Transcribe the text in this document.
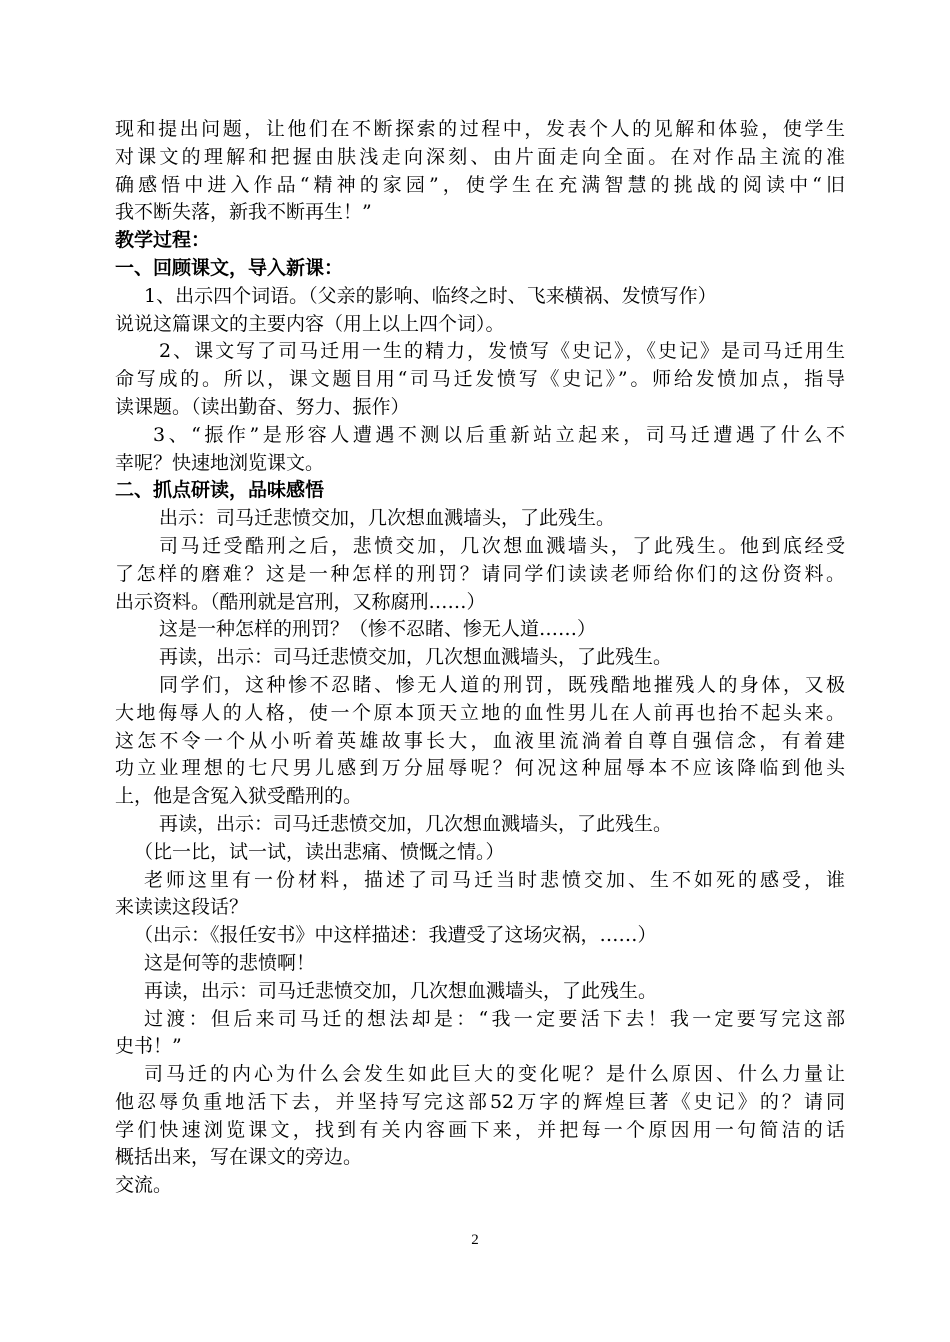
现和提出问题，让他们在不断探索的过程中，发表个人的见解和体验，使学生
对课文的理解和把握由肤浅走向深刻、由片面走向全面。在对作品主流的准
确感悟中进入作品“精神的家园”，使学生在充满智慧的挑战的阅读中“旧
我不断失落，新我不断再生！”
教学过程：
一、回顾课文，导入新课：
1、出示四个词语。（父亲的影响、临终之时、飞来横祸、发愤写作）
说说这篇课文的主要内容（用上以上四个词）。
2、课文写了司马迁用一生的精力，发愤写《史记》，《史记》是司马迁用生
命写成的。所以，课文题目用“司马迁发愤写《史记》”。师给发愤加点，指导
读课题。（读出勤奋、努力、振作）
3、“振作”是形容人遭遇不测以后重新站立起来，司马迁遭遇了什么不
幸呢？快速地浏览课文。
二、抓点研读，品味感悟
出示：司马迁悲愤交加，几次想血溅墙头，了此残生。
司马迁受酷刑之后，悲愤交加，几次想血溅墙头，了此残生。他到底经受
了怎样的磨难？这是一种怎样的刑罚？请同学们读读老师给你们的这份资料。
出示资料。（酷刑就是宫刑，又称腐刑……）
这是一种怎样的刑罚？（惨不忍睹、惨无人道……）
再读，出示：司马迁悲愤交加，几次想血溅墙头，了此残生。
同学们，这种惨不忍睹、惨无人道的刑罚，既残酷地摧残人的身体，又极
大地侮辱人的人格，使一个原本顶天立地的血性男儿在人前再也抬不起头来。
这怎不令一个从小听着英雄故事长大，血液里流淌着自尊自强信念，有着建
功立业理想的七尺男儿感到万分屈辱呢？何况这种屈辱本不应该降临到他头
上，他是含冤入狱受酷刑的。
再读，出示：司马迁悲愤交加，几次想血溅墙头，了此残生。
（比一比，试一试，读出悲痛、愤慨之情。）
老师这里有一份材料，描述了司马迁当时悲愤交加、生不如死的感受，谁
来读读这段话？
（出示：《报任安书》中这样描述：我遭受了这场灾祸，……）
这是何等的悲愤啊！
再读，出示：司马迁悲愤交加，几次想血溅墙头，了此残生。
过渡：但后来司马迁的想法却是：“我一定要活下去！我一定要写完这部
史书！”
司马迁的内心为什么会发生如此巨大的变化呢？是什么原因、什么力量让
他忍辱负重地活下去，并坚持写完这部52万字的辉煌巨著《史记》的？请同
学们快速浏览课文，找到有关内容画下来，并把每一个原因用一句简洁的话
概括出来，写在课文的旁边。
交流。
2
